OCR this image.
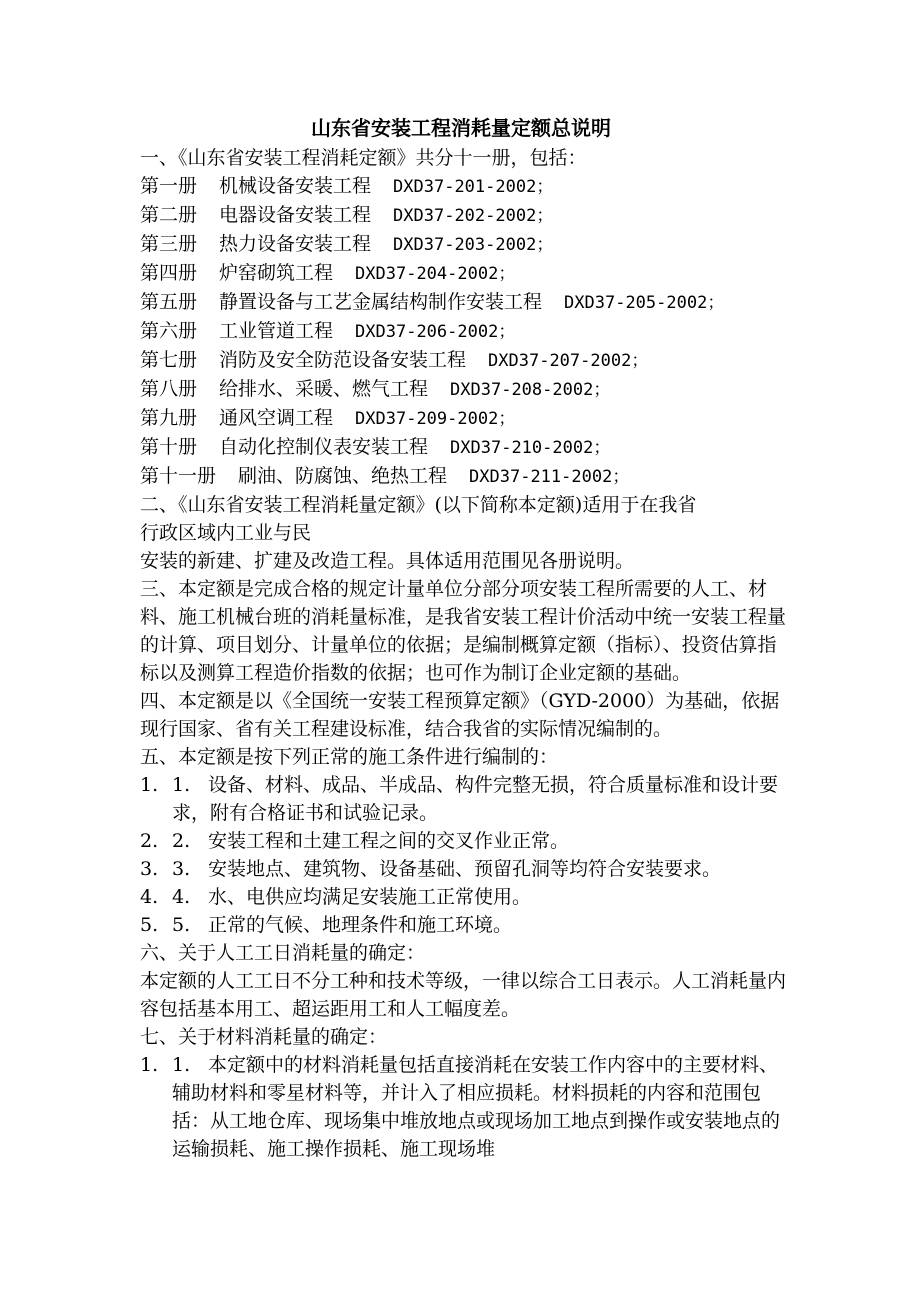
山东省安装工程消耗量定额总说明
一、《山东省安装工程消耗定额》共分十一册，包括：
第一册 机械设备安装工程 DXD37-201-2002；
第二册 电器设备安装工程 DXD37-202-2002；
第三册 热力设备安装工程 DXD37-203-2002；
第四册 炉窑砌筑工程 DXD37-204-2002；
第五册 静置设备与工艺金属结构制作安装工程 DXD37-205-2002；
第六册 工业管道工程 DXD37-206-2002；
第七册 消防及安全防范设备安装工程 DXD37-207-2002；
第八册 给排水、采暖、燃气工程 DXD37-208-2002；
第九册 通风空调工程 DXD37-209-2002；
第十册 自动化控制仪表安装工程 DXD37-210-2002；
第十一册 刷油、防腐蚀、绝热工程 DXD37-211-2002；
二、《山东省安装工程消耗量定额》(以下简称本定额)适用于在我省
行政区域内工业与民
安装的新建、扩建及改造工程。具体适用范围见各册说明。
三、本定额是完成合格的规定计量单位分部分项安装工程所需要的人工、材料、施工机械台班的消耗量标准，是我省安装工程计价活动中统一安装工程量的计算、项目划分、计量单位的依据；是编制概算定额（指标）、投资估算指标以及测算工程造价指数的依据；也可作为制订企业定额的基础。
四、本定额是以《全国统一安装工程预算定额》（GYD-2000）为基础，依据现行国家、省有关工程建设标准，结合我省的实际情况编制的。
五、本定额是按下列正常的施工条件进行编制的：
1. 1. 设备、材料、成品、半成品、构件完整无损，符合质量标准和设计要求，附有合格证书和试验记录。
2. 2. 安装工程和土建工程之间的交叉作业正常。
3. 3. 安装地点、建筑物、设备基础、预留孔洞等均符合安装要求。
4. 4. 水、电供应均满足安装施工正常使用。
5. 5. 正常的气候、地理条件和施工环境。
六、关于人工工日消耗量的确定：
本定额的人工工日不分工种和技术等级，一律以综合工日表示。人工消耗量内容包括基本用工、超运距用工和人工幅度差。
七、关于材料消耗量的确定：
1. 1. 本定额中的材料消耗量包括直接消耗在安装工作内容中的主要材料、辅助材料和零星材料等，并计入了相应损耗。材料损耗的内容和范围包括：从工地仓库、现场集中堆放地点或现场加工地点到操作或安装地点的运输损耗、施工操作损耗、施工现场堆
